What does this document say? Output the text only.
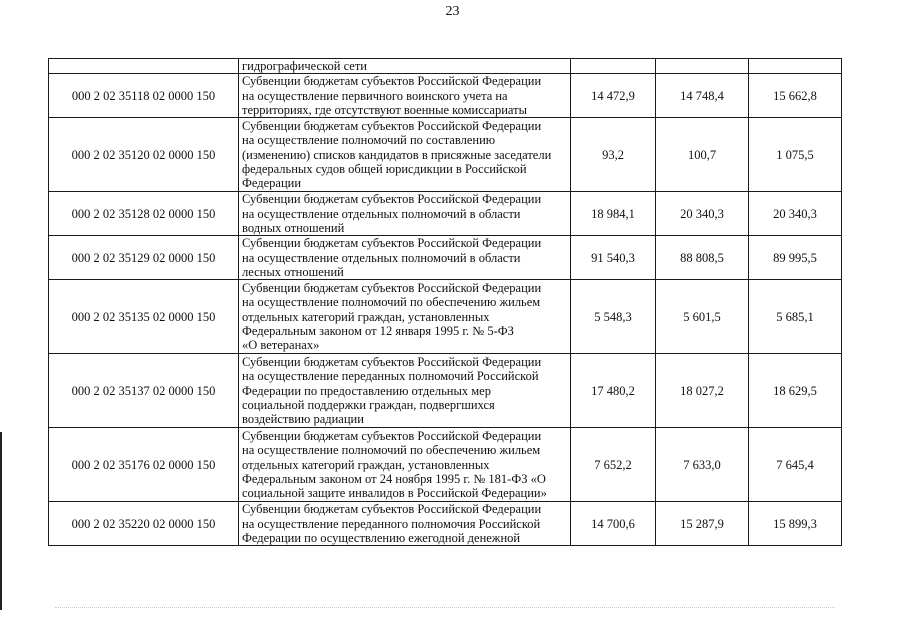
23
	гидрографической сети			
000 2 02 35118 02 0000 150	Субвенции бюджетам субъектов Российской Федерации
на осуществление первичного воинского учета на
территориях, где отсутствуют военные комиссариаты	14 472,9	14 748,4	15 662,8
000 2 02 35120 02 0000 150	Субвенции бюджетам субъектов Российской Федерации
на осуществление полномочий по составлению
(изменению) списков кандидатов в присяжные заседатели
федеральных судов общей юрисдикции в Российской
Федерации	93,2	100,7	1 075,5
000 2 02 35128 02 0000 150	Субвенции бюджетам субъектов Российской Федерации
на осуществление отдельных полномочий в области
водных отношений	18 984,1	20 340,3	20 340,3
000 2 02 35129 02 0000 150	Субвенции бюджетам субъектов Российской Федерации
на осуществление отдельных полномочий в области
лесных отношений	91 540,3	88 808,5	89 995,5
000 2 02 35135 02 0000 150	Субвенции бюджетам субъектов Российской Федерации
на осуществление полномочий по обеспечению жильем
отдельных категорий граждан, установленных
Федеральным законом от 12 января 1995 г. № 5-ФЗ
«О ветеранах»	5 548,3	5 601,5	5 685,1
000 2 02 35137 02 0000 150	Субвенции бюджетам субъектов Российской Федерации
на осуществление переданных полномочий Российской
Федерации по предоставлению отдельных мер
социальной поддержки граждан, подвергшихся
воздействию радиации	17 480,2	18 027,2	18 629,5
000 2 02 35176 02 0000 150	Субвенции бюджетам субъектов Российской Федерации
на осуществление полномочий по обеспечению жильем
отдельных категорий граждан, установленных
Федеральным законом от 24 ноября 1995 г. № 181-ФЗ «О
социальной защите инвалидов в Российской Федерации»	7 652,2	7 633,0	7 645,4
000 2 02 35220 02 0000 150	Субвенции бюджетам субъектов Российской Федерации
на осуществление переданного полномочия Российской
Федерации по осуществлению ежегодной денежной	14 700,6	15 287,9	15 899,3
